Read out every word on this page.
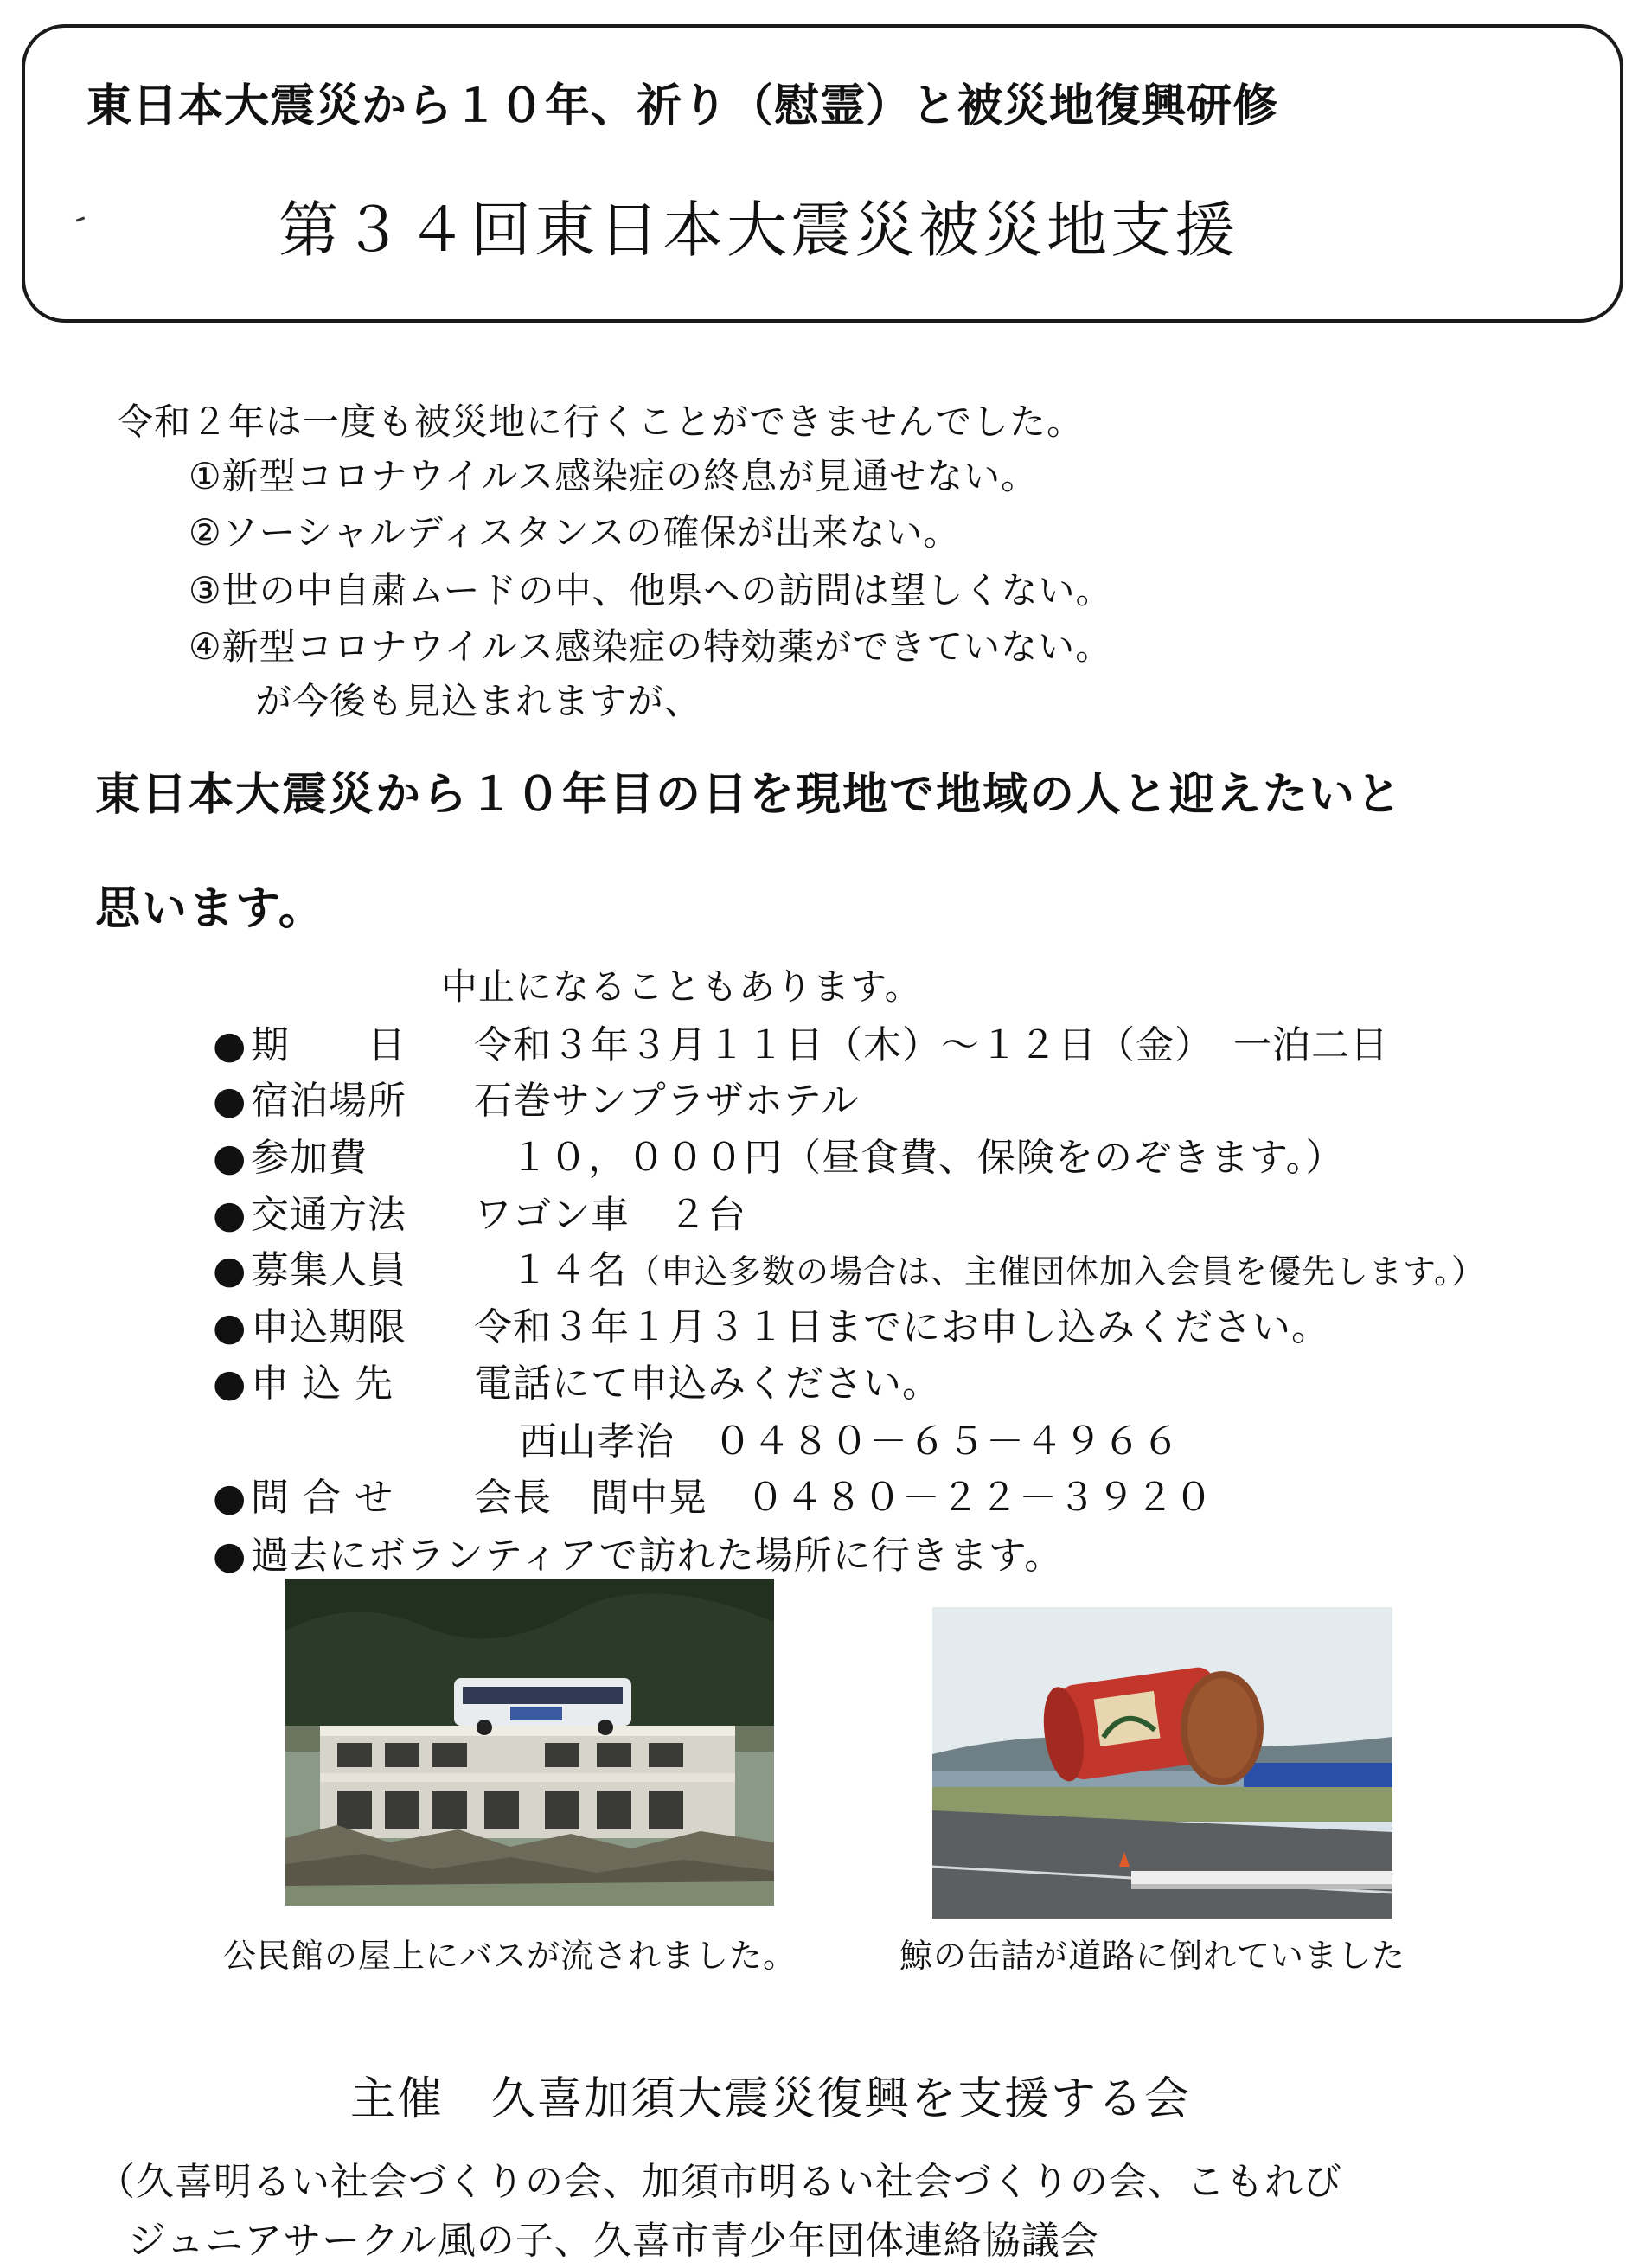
東日本大震災から１０年、祈り（慰霊）と被災地復興研修
第３４回東日本大震災被災地支援
令和２年は一度も被災地に行くことができませんでした。
①新型コロナウイルス感染症の終息が見通せない。
②ソーシャルディスタンスの確保が出来ない。
③世の中自粛ムードの中、他県への訪問は望しくない。
④新型コロナウイルス感染症の特効薬ができていない。
が今後も見込まれますが、
東日本大震災から１０年目の日を現地で地域の人と迎えたいと
思います。
中止になることもあります。
● 期　　日 令和３年３月１１日（木）～１２日（金）　一泊二日
● 宿泊場所 石巻サンプラザホテル
● 参加費	１０，０００円（昼食費、保険をのぞきます。）
● 交通方法 ワゴン車　２台
● 募集人員	１４名（申込多数の場合は、主催団体加入会員を優先します。）
● 申込期限 令和３年１月３１日までにお申し込みください。
● 申 込 先 電話にて申込みください。
西山孝治　０４８０－６５－４９６６
● 問 合 せ 会長　間中晃　０４８０－２２－３９２０
● 過去にボランティアで訪れた場所に行きます。
公民館の屋上にバスが流されました。	鯨の缶詰が道路に倒れていました
主催　久喜加須大震災復興を支援する会
（久喜明るい社会づくりの会、加須市明るい社会づくりの会、こもれび
ジュニアサークル風の子、久喜市青少年団体連絡協議会
